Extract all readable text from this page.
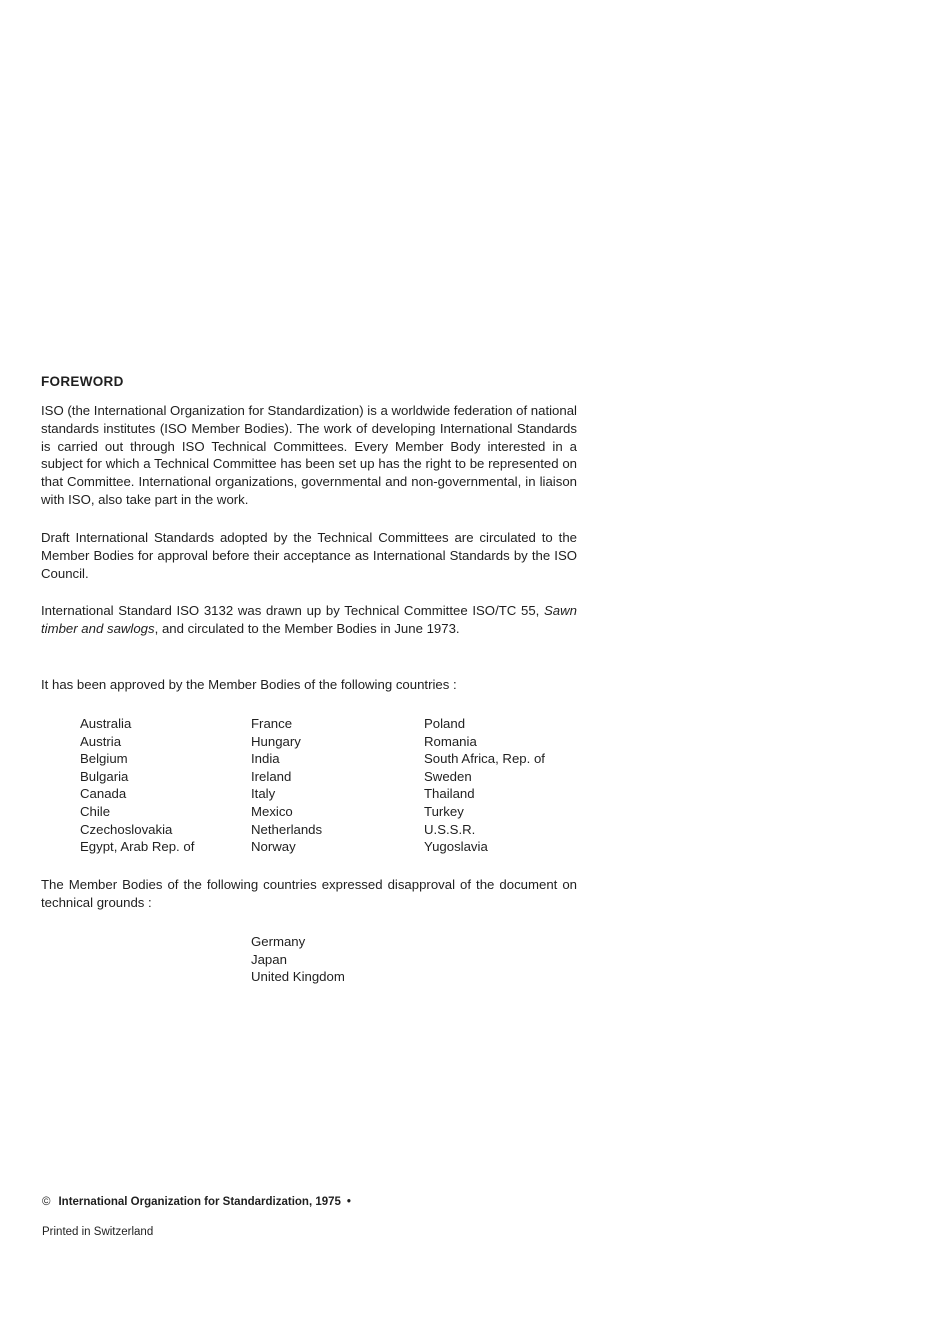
FOREWORD

ISO (the International Organization for Standardization) is a worldwide federation of national standards institutes (ISO Member Bodies). The work of developing International Standards is carried out through ISO Technical Committees. Every Member Body interested in a subject for which a Technical Committee has been set up has the right to be represented on that Committee. International organizations, governmental and non-governmental, in liaison with ISO, also take part in the work.

Draft International Standards adopted by the Technical Committees are circulated to the Member Bodies for approval before their acceptance as International Standards by the ISO Council.

International Standard ISO 3132 was drawn up by Technical Committee ISO/TC 55, Sawn timber and sawlogs, and circulated to the Member Bodies in June 1973.

It has been approved by the Member Bodies of the following countries :

Australia
Austria
Belgium
Bulgaria
Canada
Chile
Czechoslovakia
Egypt, Arab Rep. of
France
Hungary
India
Ireland
Italy
Mexico
Netherlands
Norway
Poland
Romania
South Africa, Rep. of
Sweden
Thailand
Turkey
U.S.S.R.
Yugoslavia

The Member Bodies of the following countries expressed disapproval of the document on technical grounds :

Germany
Japan
United Kingdom
© International Organization for Standardization, 1975 •
Printed in Switzerland
